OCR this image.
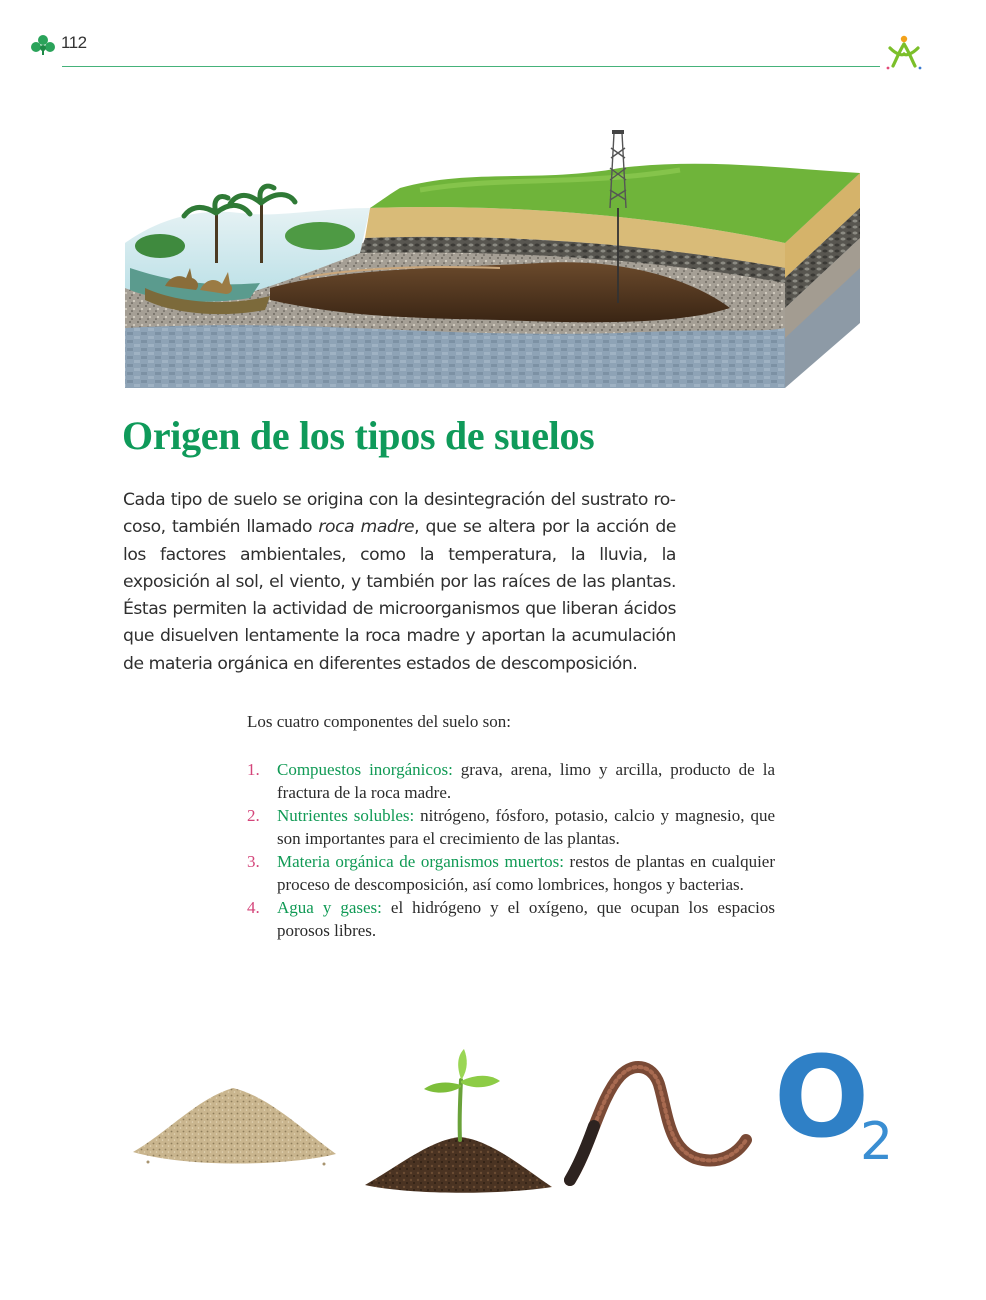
112
Origen de los tipos de suelos

Cada tipo de suelo se origina con la desintegración del sustrato rocoso, también llamado roca madre, que se altera por la acción de los factores ambientales, como la temperatura, la lluvia, la exposición al sol, el viento, y también por las raíces de las plantas. Éstas permiten la actividad de microorganismos que liberan ácidos que disuelven lentamente la roca madre y aportan la acumulación de materia orgánica en diferentes estados de descomposición.

Los cuatro componentes del suelo son:

1.	Compuestos inorgánicos: grava, arena, limo y arcilla, producto de la fractura de la roca madre.
2.	Nutrientes solubles: nitrógeno, fósforo, potasio, calcio y magnesio, que son importantes para el crecimiento de las plantas.
3.	Materia orgánica de organismos muertos: restos de plantas en cualquier proceso de descomposición, así como lombrices, hongos y bacterias.
4.	Agua y gases: el hidrógeno y el oxígeno, que ocupan los espacios porosos libres.
O
2
